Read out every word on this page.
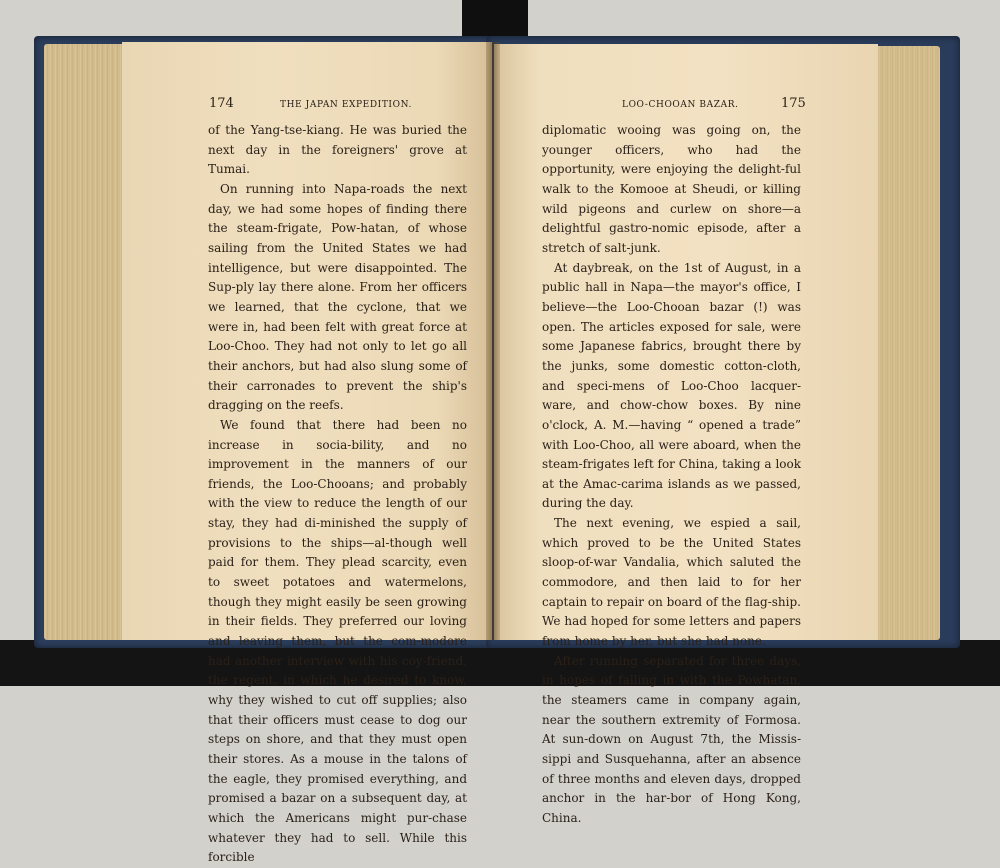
174	THE JAPAN EXPEDITION.

of the Yang-tse-kiang. He was buried the next day in the foreigners' grove at Tumai.

On running into Napa-roads the next day, we had some hopes of finding there the steam-frigate, Pow-hatan, of whose sailing from the United States we had intelligence, but were disappointed. The Sup-ply lay there alone. From her officers we learned, that the cyclone, that we were in, had been felt with great force at Loo-Choo. They had not only to let go all their anchors, but had also slung some of their carronades to prevent the ship's dragging on the reefs.

We found that there had been no increase in socia-bility, and no improvement in the manners of our friends, the Loo-Chooans; and probably with the view to reduce the length of our stay, they had di-minished the supply of provisions to the ships—al-though well paid for them. They plead scarcity, even to sweet potatoes and watermelons, though they might easily be seen growing in their fields. They preferred our loving and leaving them, but the com-modore had another interview with his coy-friend, the regent, in which he desired to know, why they wished to cut off supplies; also that their officers must cease to dog our steps on shore, and that they must open their stores. As a mouse in the talons of the eagle, they promised everything, and promised a bazar on a subsequent day, at which the Americans might pur-chase whatever they had to sell. While this forcible

LOO-CHOOAN BAZAR.	175

diplomatic wooing was going on, the younger officers, who had the opportunity, were enjoying the delight-ful walk to the Komooe at Sheudi, or killing wild pigeons and curlew on shore—a delightful gastro-nomic episode, after a stretch of salt-junk.

At daybreak, on the 1st of August, in a public hall in Napa—the mayor's office, I believe—the Loo-Chooan bazar (!) was open. The articles exposed for sale, were some Japanese fabrics, brought there by the junks, some domestic cotton-cloth, and speci-mens of Loo-Choo lacquer-ware, and chow-chow boxes. By nine o'clock, A. M.—having “ opened a trade” with Loo-Choo, all were aboard, when the steam-frigates left for China, taking a look at the Amac-carima islands as we passed, during the day.

The next evening, we espied a sail, which proved to be the United States sloop-of-war Vandalia, which saluted the commodore, and then laid to for her captain to repair on board of the flag-ship. We had hoped for some letters and papers from home by her, but she had none.

After running separated for three days, in hopes of falling in with the Powhatan, the steamers came in company again, near the southern extremity of Formosa. At sun-down on August 7th, the Missis-sippi and Susquehanna, after an absence of three months and eleven days, dropped anchor in the har-bor of Hong Kong, China.
